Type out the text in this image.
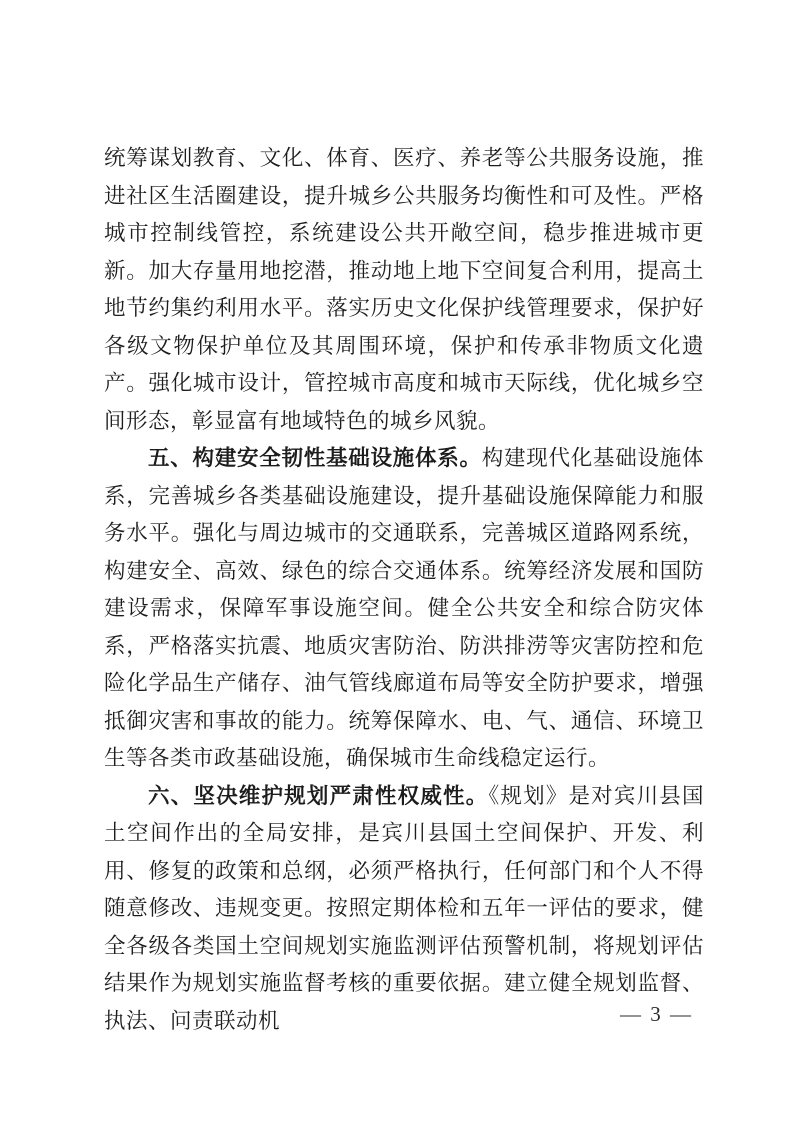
统筹谋划教育、文化、体育、医疗、养老等公共服务设施，推进社区生活圈建设，提升城乡公共服务均衡性和可及性。严格城市控制线管控，系统建设公共开敞空间，稳步推进城市更新。加大存量用地挖潜，推动地上地下空间复合利用，提高土地节约集约利用水平。落实历史文化保护线管理要求，保护好各级文物保护单位及其周围环境，保护和传承非物质文化遗产。强化城市设计，管控城市高度和城市天际线，优化城乡空间形态，彰显富有地域特色的城乡风貌。

五、构建安全韧性基础设施体系。构建现代化基础设施体系，完善城乡各类基础设施建设，提升基础设施保障能力和服务水平。强化与周边城市的交通联系，完善城区道路网系统，构建安全、高效、绿色的综合交通体系。统筹经济发展和国防建设需求，保障军事设施空间。健全公共安全和综合防灾体系，严格落实抗震、地质灾害防治、防洪排涝等灾害防控和危险化学品生产储存、油气管线廊道布局等安全防护要求，增强抵御灾害和事故的能力。统筹保障水、电、气、通信、环境卫生等各类市政基础设施，确保城市生命线稳定运行。

六、坚决维护规划严肃性权威性。《规划》是对宾川县国土空间作出的全局安排，是宾川县国土空间保护、开发、利用、修复的政策和总纲，必须严格执行，任何部门和个人不得随意修改、违规变更。按照定期体检和五年一评估的要求，健全各级各类国土空间规划实施监测评估预警机制，将规划评估结果作为规划实施监督考核的重要依据。建立健全规划监督、执法、问责联动机	— 3 —
